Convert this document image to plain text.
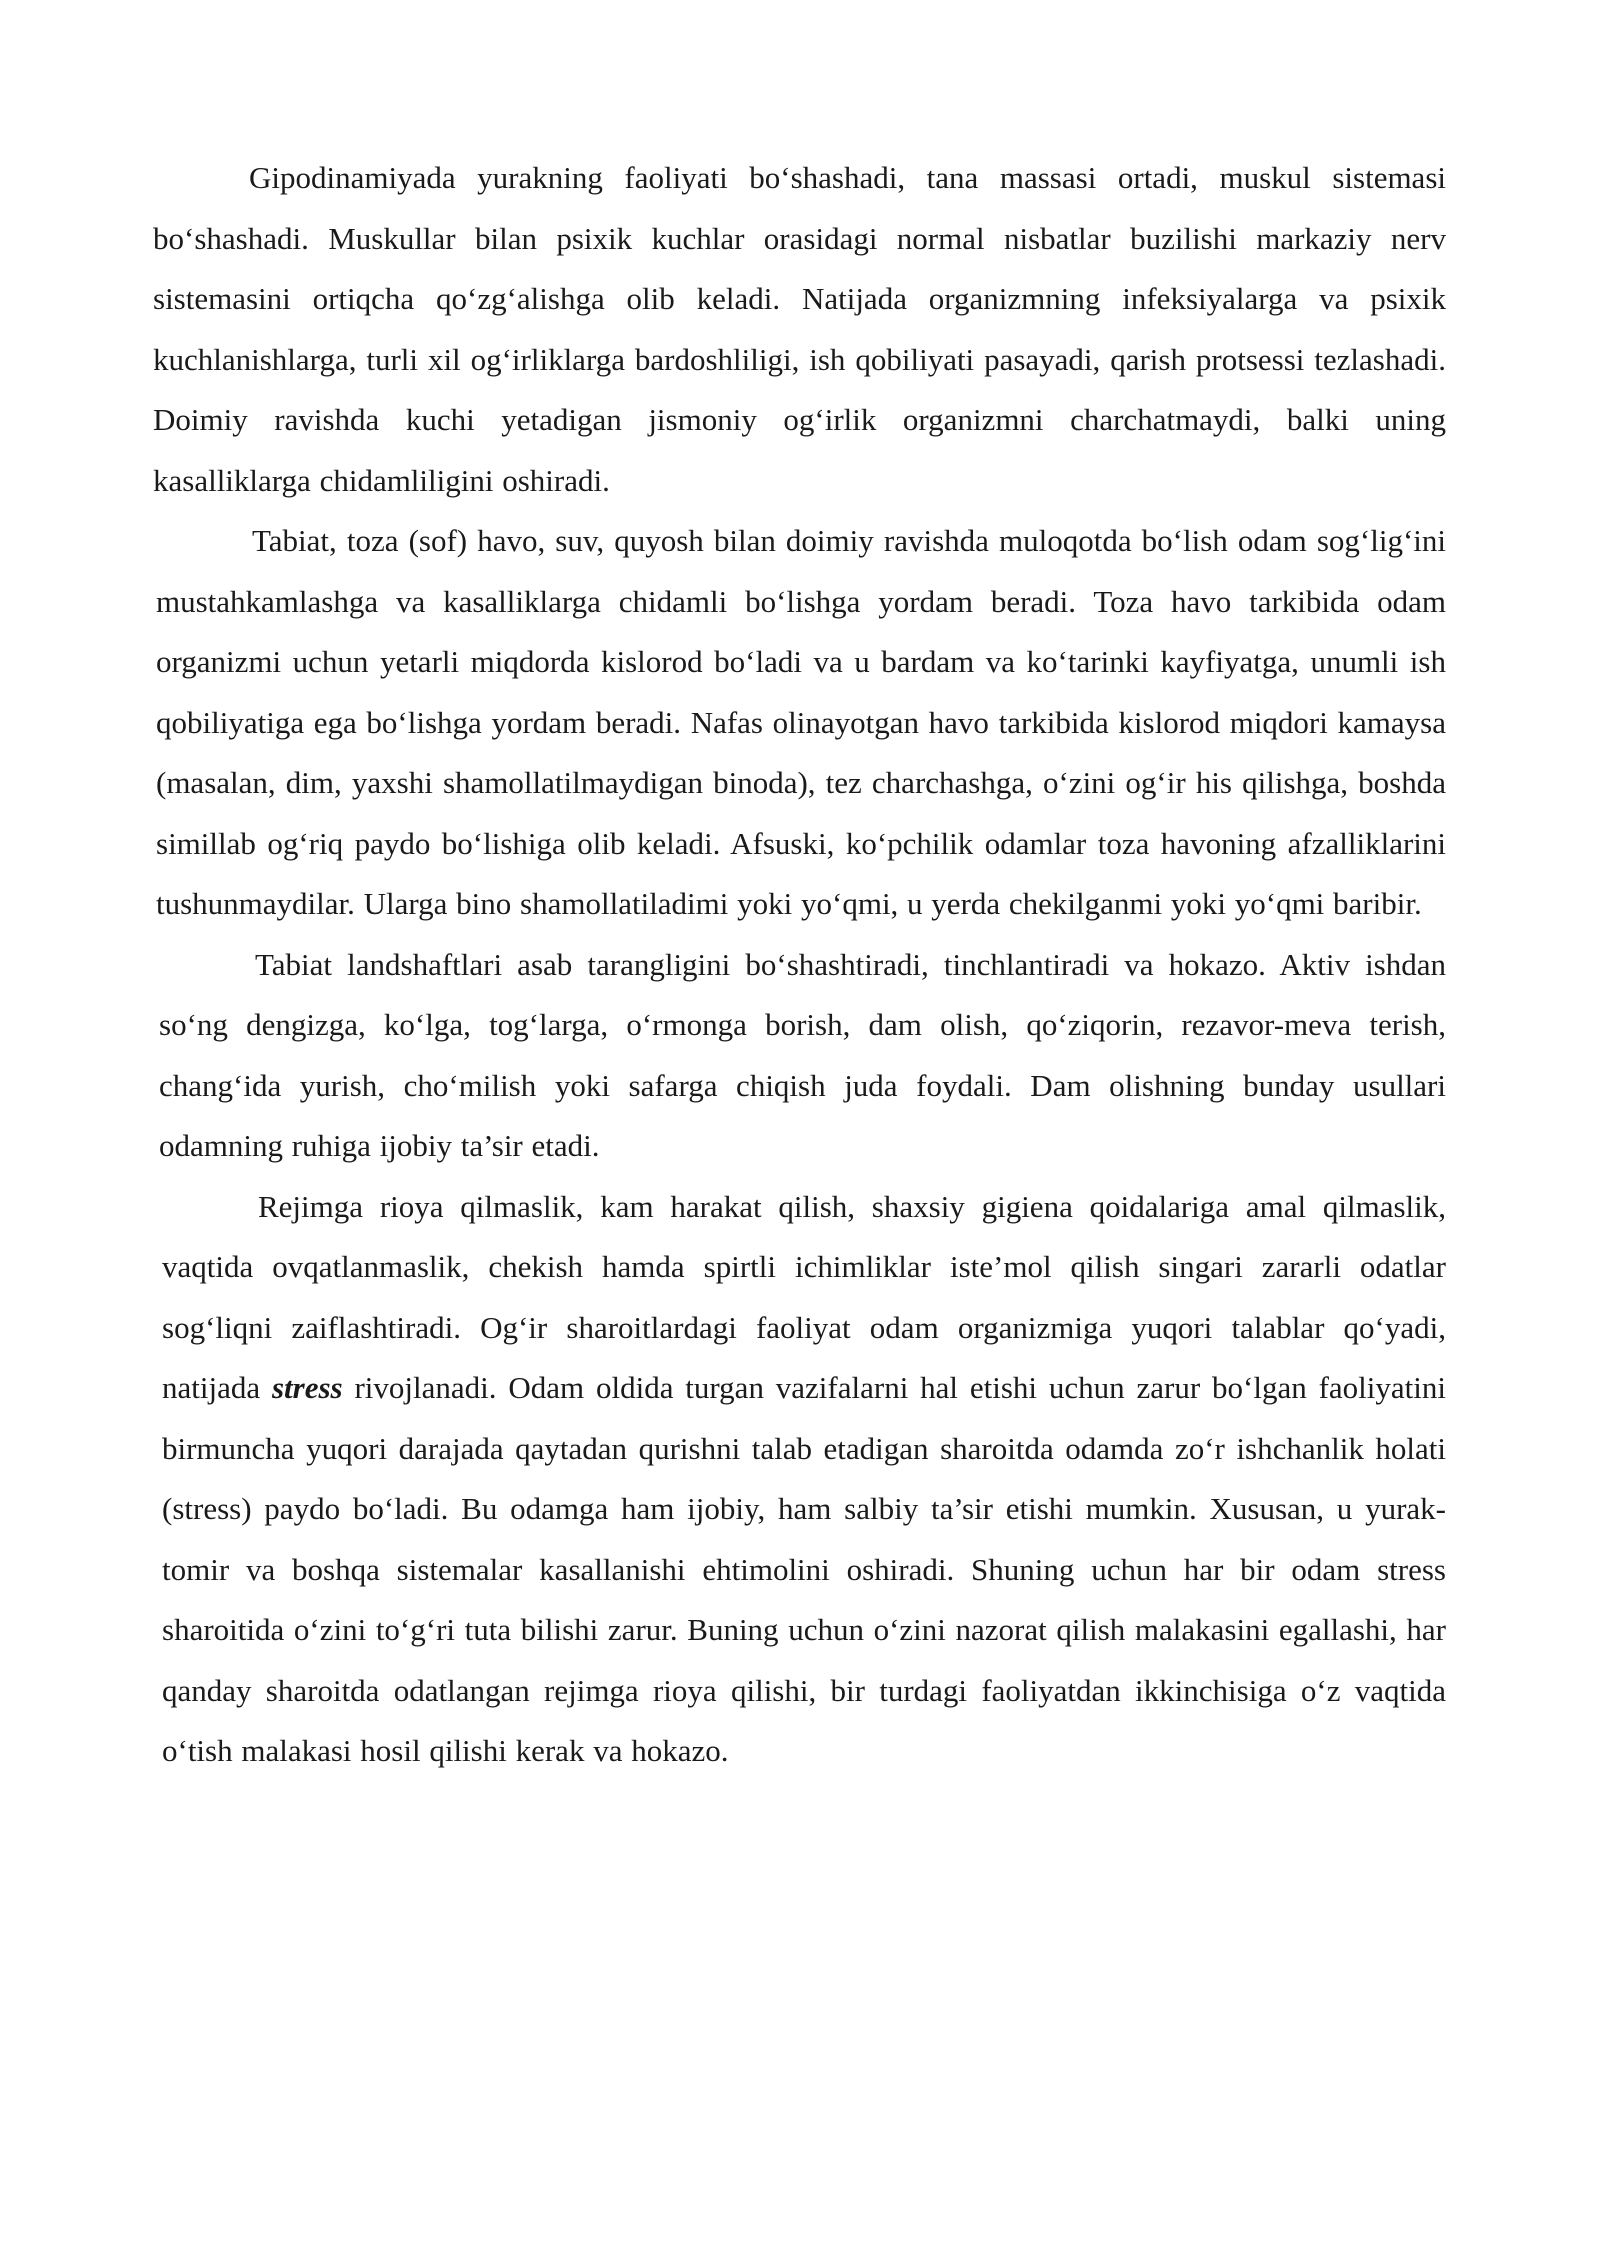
Gipodinamiyada yurakning faoliyati bo‘shashadi, tana massasi ortadi, muskul sistemasi bo‘shashadi. Muskullar bilan psixik kuchlar orasidagi normal nisbatlar buzilishi markaziy nerv sistemasini ortiqcha qo‘zg‘alishga olib keladi. Natijada organizmning infeksiyalarga va psixik kuchlanishlarga, turli xil og‘irliklarga bardoshliligi, ish qobiliyati pasayadi, qarish protsessi tezlashadi. Doimiy ravishda kuchi yetadigan jismoniy og‘irlik organizmni charchatmaydi, balki uning kasalliklarga chidamliligini oshiradi.

Tabiat, toza (sof) havo, suv, quyosh bilan doimiy ravishda muloqotda bo‘lish odam sog‘lig‘ini mustahkamlashga va kasalliklarga chidamli bo‘lishga yordam beradi. Toza havo tarkibida odam organizmi uchun yetarli miqdorda kislorod bo‘ladi va u bardam va ko‘tarinki kayfiyatga, unumli ish qobiliyatiga ega bo‘lishga yordam beradi. Nafas olinayotgan havo tarkibida kislorod miqdori kamaysa (masalan, dim, yaxshi shamollatilmaydigan binoda), tez charchashga, o‘zini og‘ir his qilishga, boshda simillab og‘riq paydo bo‘lishiga olib keladi. Afsuski, ko‘pchilik odamlar toza havoning afzalliklarini tushunmaydilar. Ularga bino shamollatiladimi yoki yo‘qmi, u yerda chekilganmi yoki yo‘qmi baribir.

Tabiat landshaftlari asab tarangligini bo‘shashtiradi, tinchlantiradi va hokazo. Aktiv ishdan so‘ng dengizga, ko‘lga, tog‘larga, o‘rmonga borish, dam olish, qo‘ziqorin, rezavor-meva terish, chang‘ida yurish, cho‘milish yoki safarga chiqish juda foydali. Dam olishning bunday usullari odamning ruhiga ijobiy ta’sir etadi.

Rejimga rioya qilmaslik, kam harakat qilish, shaxsiy gigiena qoidalariga amal qilmaslik, vaqtida ovqatlanmaslik, chekish hamda spirtli ichimliklar iste’mol qilish singari zararli odatlar sog‘liqni zaiflashtiradi. Og‘ir sharoitlardagi faoliyat odam organizmiga yuqori talablar qo‘yadi, natijada stress rivojlanadi. Odam oldida turgan vazifalarni hal etishi uchun zarur bo‘lgan faoliyatini birmuncha yuqori darajada qaytadan qurishni talab etadigan sharoitda odamda zo‘r ishchanlik holati (stress) paydo bo‘ladi. Bu odamga ham ijobiy, ham salbiy ta’sir etishi mumkin. Xususan, u yurak-tomir va boshqa sistemalar kasallanishi ehtimolini oshiradi. Shuning uchun har bir odam stress sharoitida o‘zini to‘g‘ri tuta bilishi zarur. Buning uchun o‘zini nazorat qilish malakasini egallashi, har qanday sharoitda odatlangan rejimga rioya qilishi, bir turdagi faoliyatdan ikkinchisiga o‘z vaqtida o‘tish malakasi hosil qilishi kerak va hokazo.
